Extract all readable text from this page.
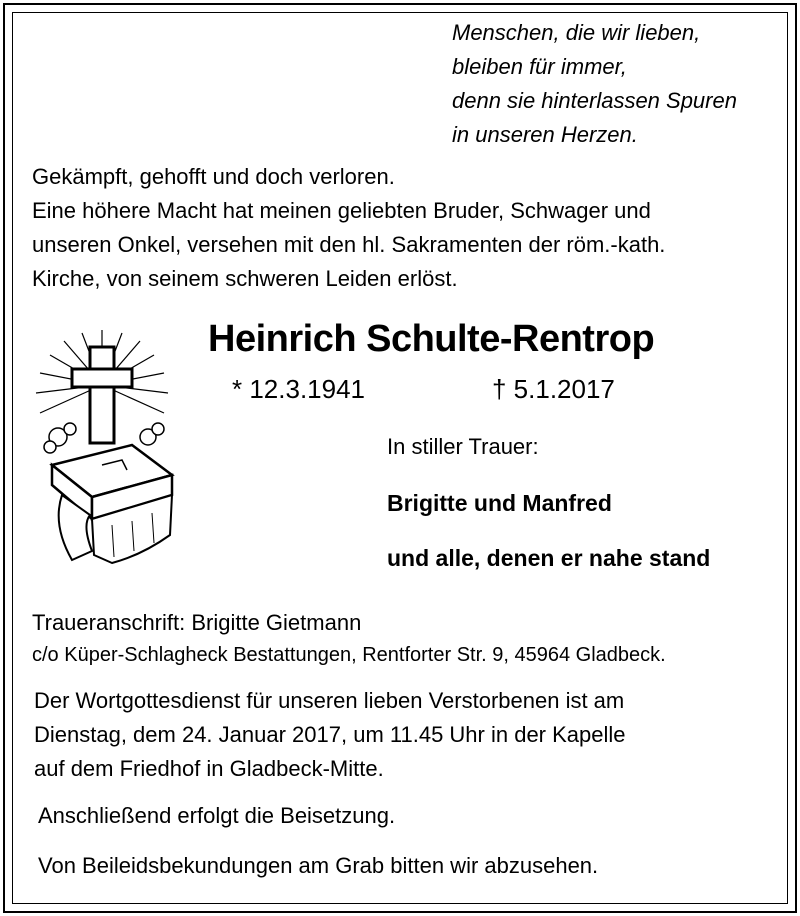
Menschen, die wir lieben,
bleiben für immer,
denn sie hinterlassen Spuren
in unseren Herzen.
Gekämpft, gehofft und doch verloren.
Eine höhere Macht hat meinen geliebten Bruder, Schwager und
unseren Onkel, versehen mit den hl. Sakramenten der röm.-kath.
Kirche, von seinem schweren Leiden erlöst.
Heinrich Schulte-Rentrop
* 12.3.1941	† 5.1.2017
In stiller Trauer:
Brigitte und Manfred
und alle, denen er nahe stand
Traueranschrift: Brigitte Gietmann
c/o Küper-Schlagheck Bestattungen, Rentforter Str. 9, 45964 Gladbeck.
Der Wortgottesdienst für unseren lieben Verstorbenen ist am
Dienstag, dem 24. Januar 2017, um 11.45 Uhr in der Kapelle
auf dem Friedhof in Gladbeck-Mitte.
Anschließend erfolgt die Beisetzung.
Von Beileidsbekundungen am Grab bitten wir abzusehen.
